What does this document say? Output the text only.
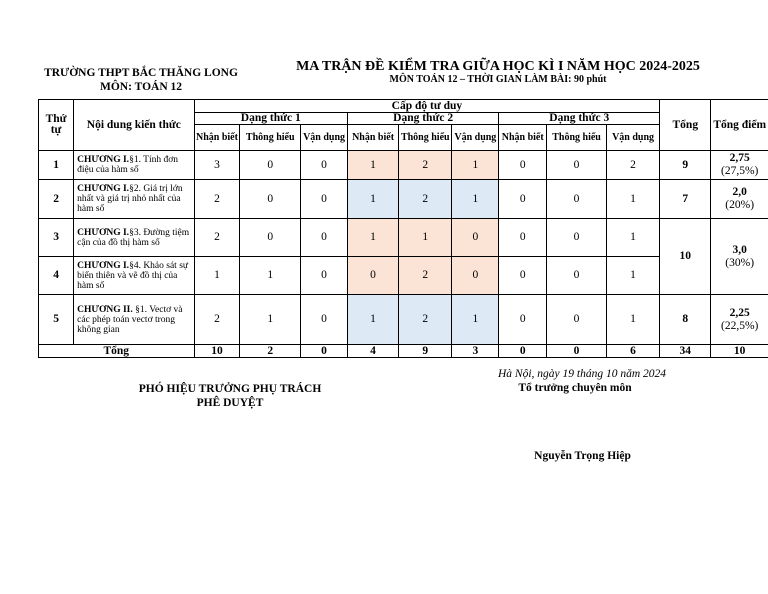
TRƯỜNG THPT BẮC THĂNG LONG
MÔN: TOÁN 12
MA TRẬN ĐỀ KIỂM TRA GIỮA HỌC KÌ I NĂM HỌC 2024-2025
MÔN TOÁN 12 – THỜI GIAN LÀM BÀI: 90 phút
Thứ tự	Nội dung kiến thức	Cấp độ tư duy									Tổng	Tổng điểm
		Dạng thức 1			Dạng thức 2			Dạng thức 3				
		Nhận biết	Thông hiểu	Vận dụng	Nhận biết	Thông hiểu	Vận dụng	Nhận biết	Thông hiểu	Vận dụng		
1	CHƯƠNG I.§1. Tính đơn điệu của hàm số	3	0	0	1	2	1	0	0	2	9	2,75
(27,5%)
2	CHƯƠNG I.§2. Giá trị lớn nhất và giá trị nhỏ nhất của hàm số	2	0	0	1	2	1	0	0	1	7	2,0
(20%)
3	CHƯƠNG I.§3. Đường tiệm cận của đồ thị hàm số	2	0	0	1	1	0	0	0	1	10	3,0
(30%)
4	CHƯƠNG I.§4. Khảo sát sự biến thiên và vẽ đồ thị của hàm số	1	1	0	0	2	0	0	0	1		
5	CHƯƠNG II. §1. Vectơ và các phép toán vectơ trong không gian	2	1	0	1	2	1	0	0	1	8	2,25
(22,5%)
Tổng		10	2	0	4	9	3	0	0	6	34	10
Hà Nội, ngày 19 tháng 10 năm 2024
PHÓ HIỆU TRƯỞNG PHỤ TRÁCH
PHÊ DUYỆT
Tổ trưởng chuyên môn
Nguyễn Trọng Hiệp
